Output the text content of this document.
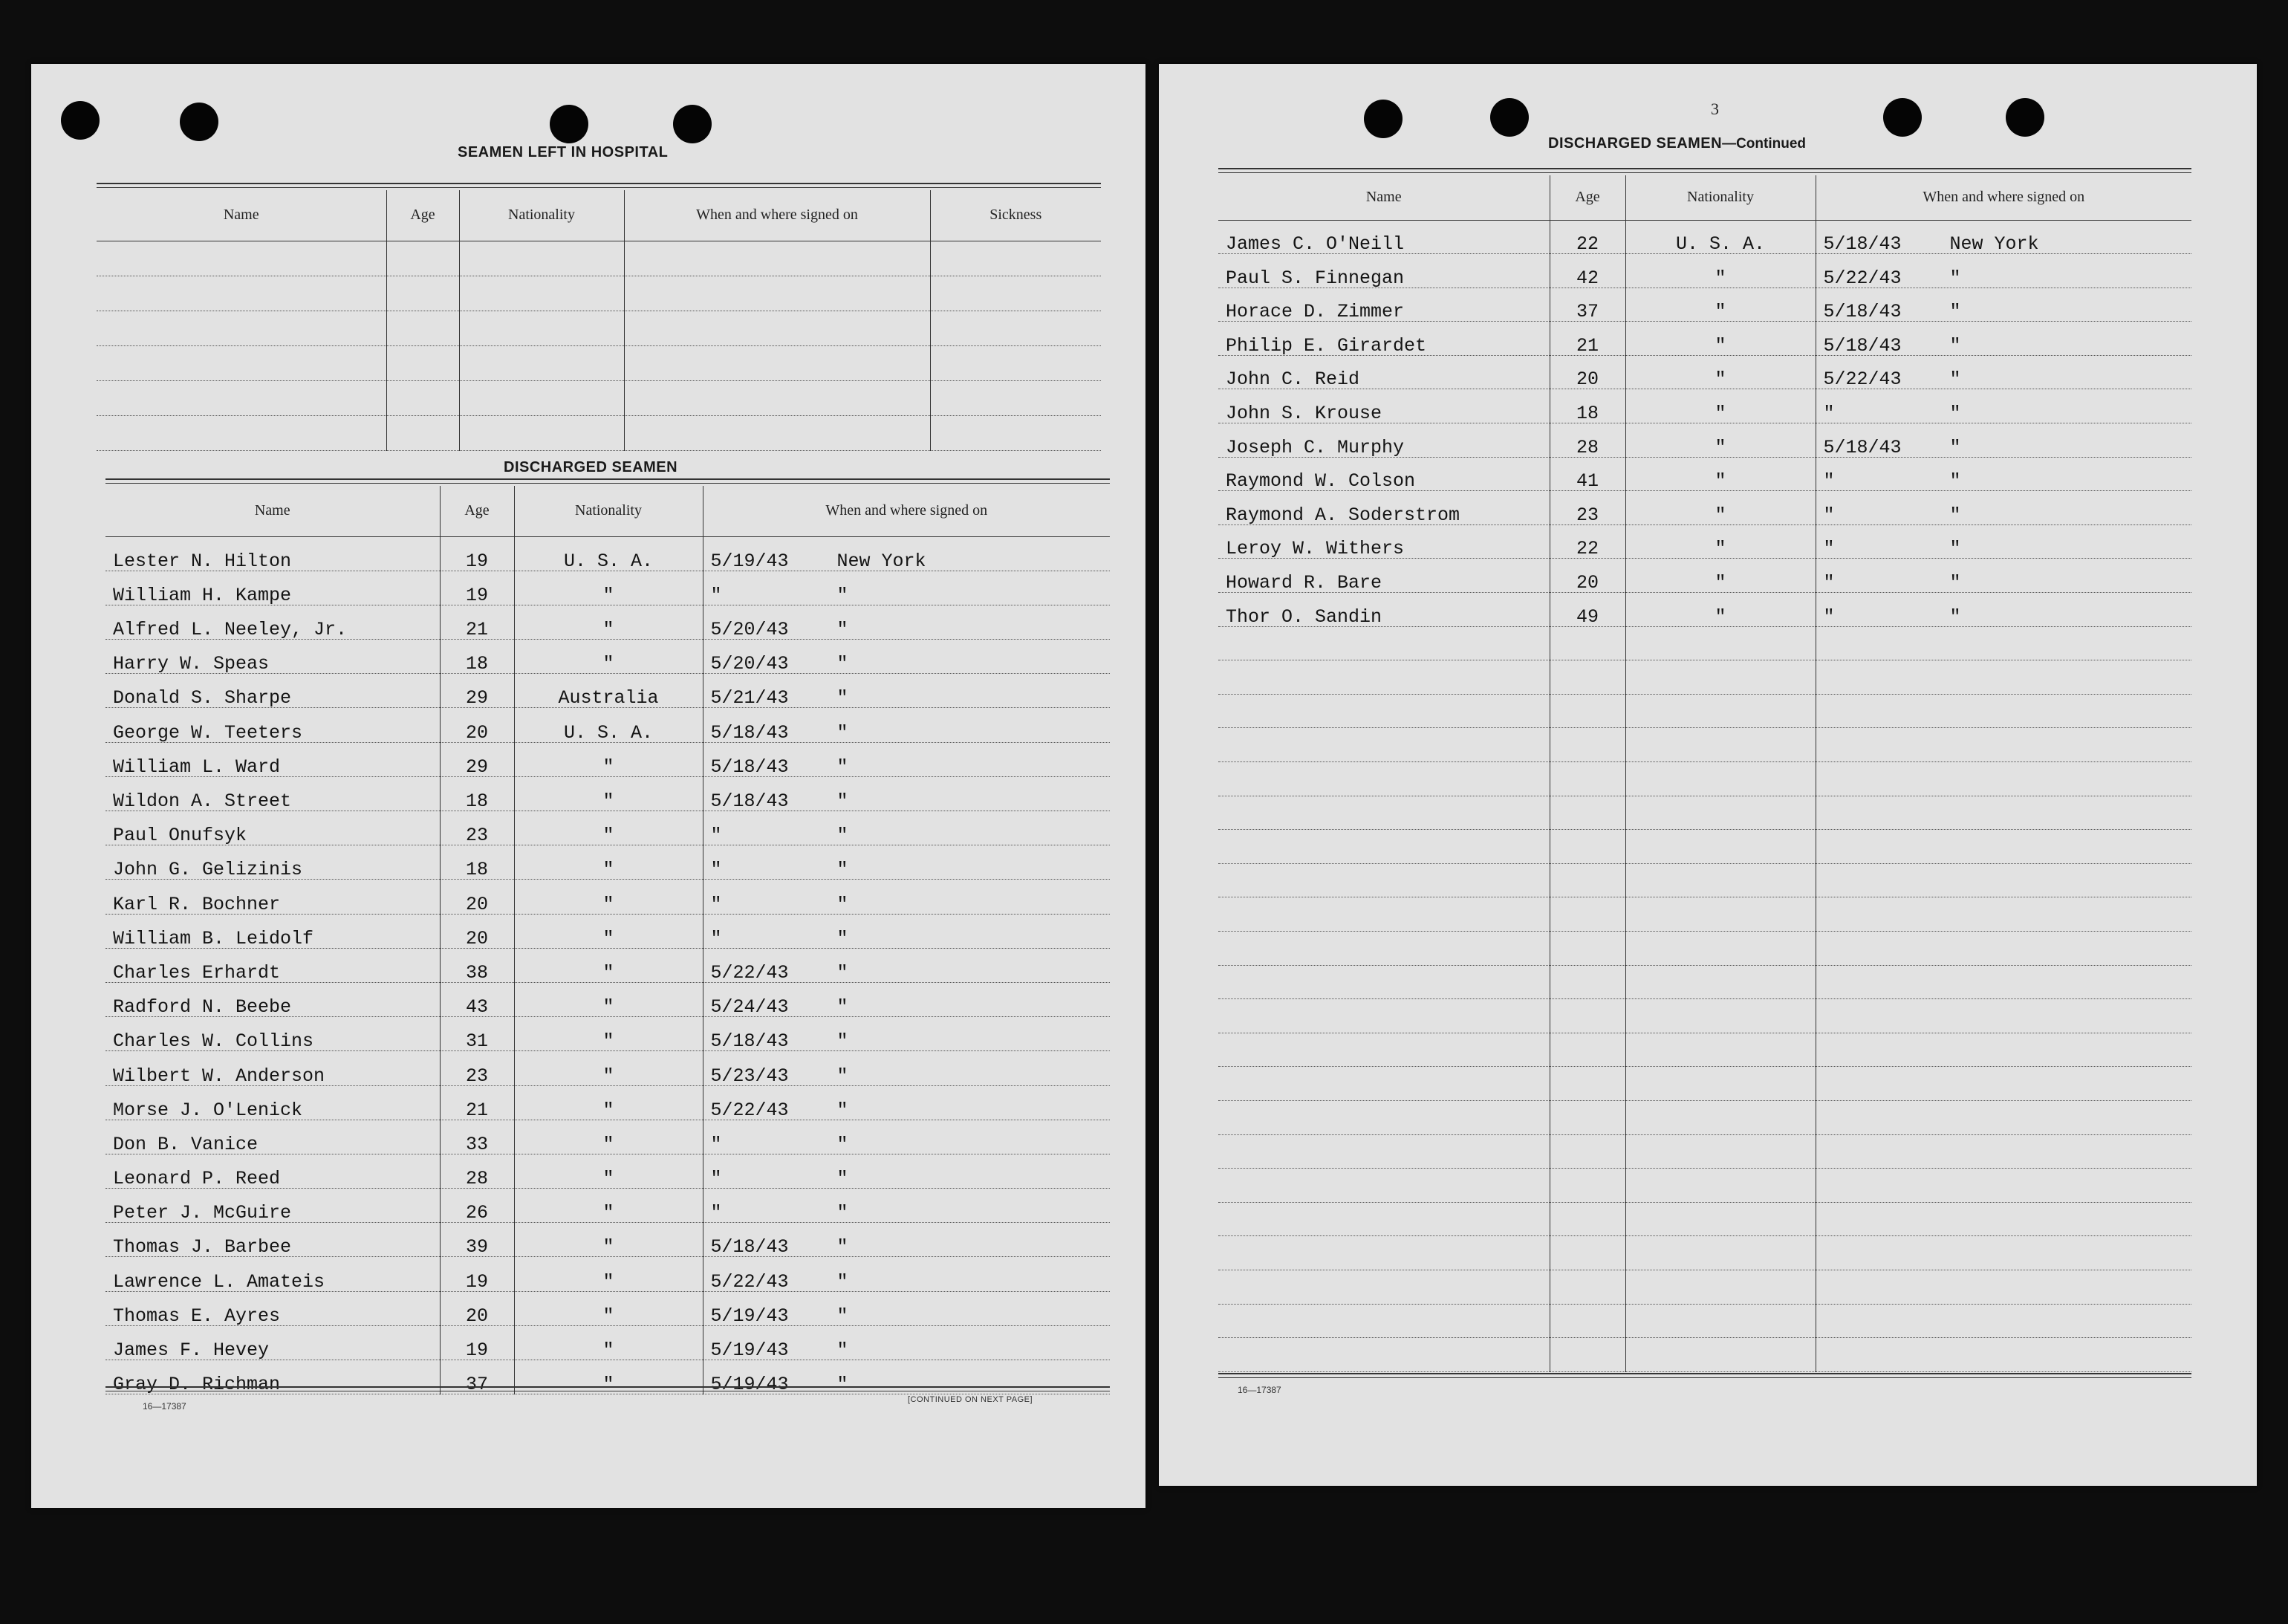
SEAMEN LEFT IN HOSPITAL
Name	Age	Nationality	When and where signed on	Sickness

DISCHARGED SEAMEN
Name	Age	Nationality	When and where signed on
Lester N. Hilton	19	U. S. A.	5/19/43 New York
William H. Kampe	19	"	" "
Alfred L. Neeley, Jr.	21	"	5/20/43 "
Harry W. Speas	18	"	5/20/43 "
Donald S. Sharpe	29	Australia	5/21/43 "
George W. Teeters	20	U. S. A.	5/18/43 "
William L. Ward	29	"	5/18/43 "
Wildon A. Street	18	"	5/18/43 "
Paul Onufsyk	23	"	" "
John G. Gelizinis	18	"	" "
Karl R. Bochner	20	"	" "
William B. Leidolf	20	"	" "
Charles Erhardt	38	"	5/22/43 "
Radford N. Beebe	43	"	5/24/43 "
Charles W. Collins	31	"	5/18/43 "
Wilbert W. Anderson	23	"	5/23/43 "
Morse J. O'Lenick	21	"	5/22/43 "
Don B. Vanice	33	"	" "
Leonard P. Reed	28	"	" "
Peter J. McGuire	26	"	" "
Thomas J. Barbee	39	"	5/18/43 "
Lawrence L. Amateis	19	"	5/22/43 "
Thomas E. Ayres	20	"	5/19/43 "
James F. Hevey	19	"	5/19/43 "
Gray D. Richman	37	"	5/19/43 "
16—17387
[CONTINUED ON NEXT PAGE]
3
DISCHARGED SEAMEN—Continued
Name	Age	Nationality	When and where signed on
James C. O'Neill	22	U. S. A.	5/18/43 New York
Paul S. Finnegan	42	"	5/22/43 "
Horace D. Zimmer	37	"	5/18/43 "
Philip E. Girardet	21	"	5/18/43 "
John C. Reid	20	"	5/22/43 "
John S. Krouse	18	"	" "
Joseph C. Murphy	28	"	5/18/43 "
Raymond W. Colson	41	"	" "
Raymond A. Soderstrom	23	"	" "
Leroy W. Withers	22	"	" "
Howard R. Bare	20	"	" "
Thor O. Sandin	49	"	" "

16—17387
